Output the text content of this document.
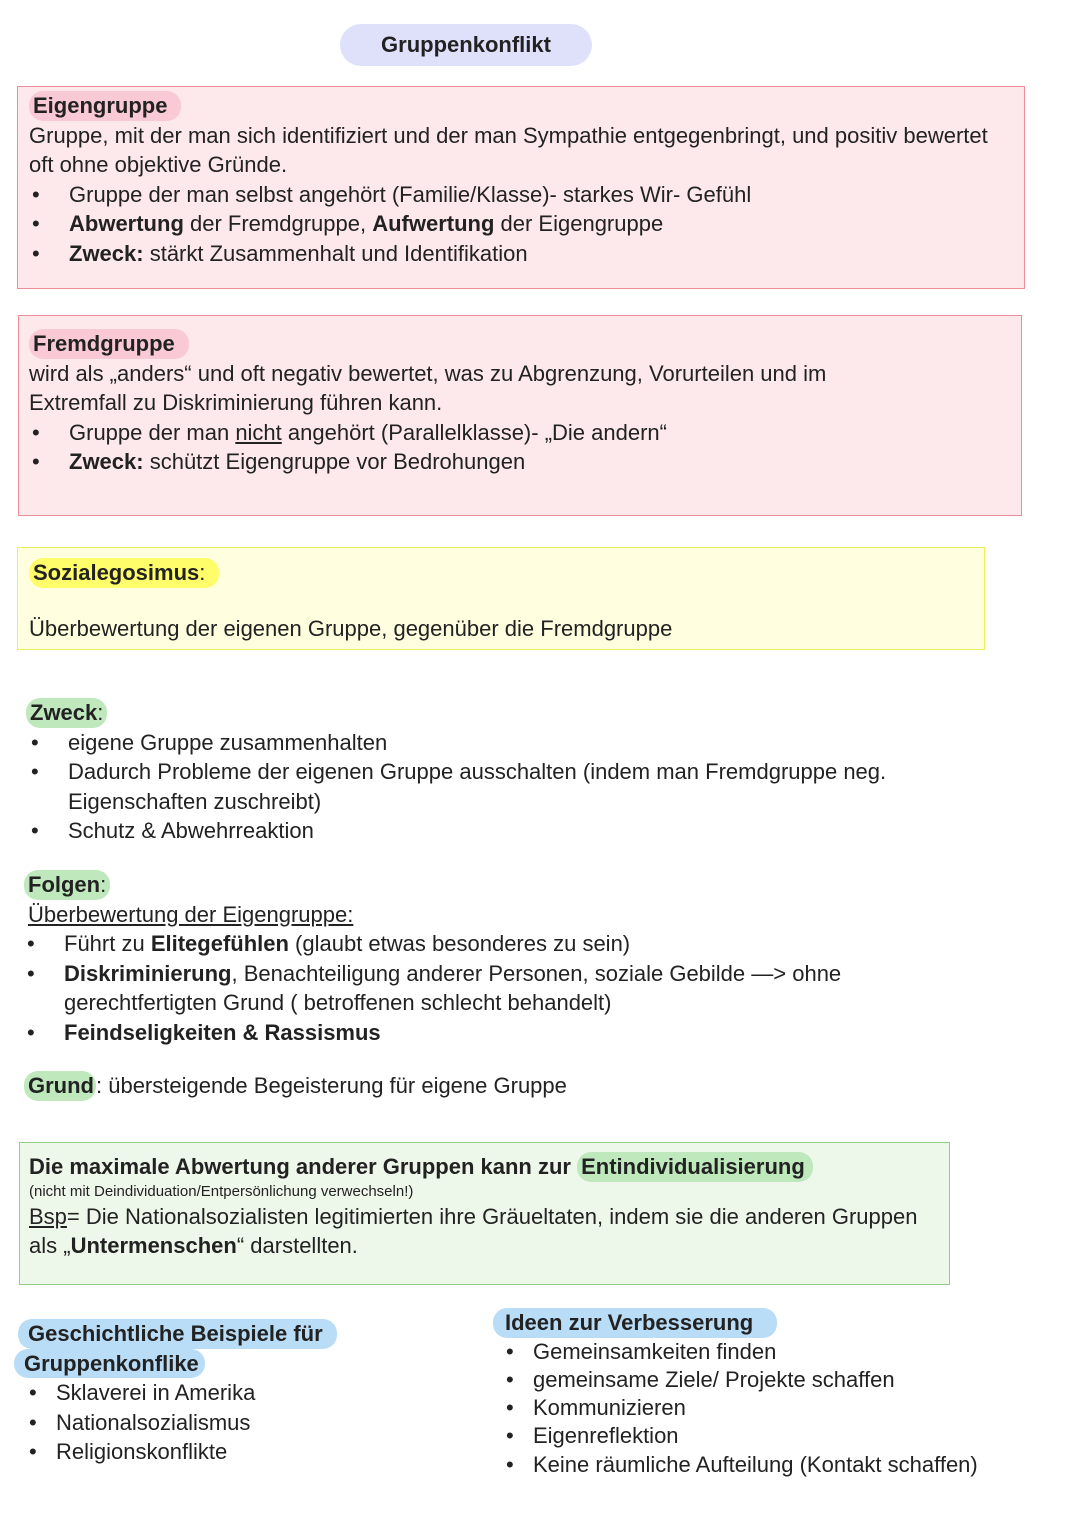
Gruppenkonflikt
Eigengruppe
Gruppe, mit der man sich identifiziert und der man Sympathie entgegenbringt, und positiv bewertet oft ohne objektive Gründe.
• Gruppe der man selbst angehört (Familie/Klasse)- starkes Wir- Gefühl
• Abwertung der Fremdgruppe, Aufwertung der Eigengruppe
• Zweck: stärkt Zusammenhalt und Identifikation
Fremdgruppe
wird als „anders“ und oft negativ bewertet, was zu Abgrenzung, Vorurteilen und im Extremfall zu Diskriminierung führen kann.
• Gruppe der man nicht angehört (Parallelklasse)- „Die andern“
• Zweck: schützt Eigengruppe vor Bedrohungen
Sozialegosimus:
Überbewertung der eigenen Gruppe, gegenüber die Fremdgruppe
Zweck:
• eigene Gruppe zusammenhalten
• Dadurch Probleme der eigenen Gruppe ausschalten (indem man Fremdgruppe neg. Eigenschaften zuschreibt)
• Schutz & Abwehrreaktion
Folgen:
Überbewertung der Eigengruppe:
• Führt zu Elitegefühlen (glaubt etwas besonderes zu sein)
• Diskriminierung, Benachteiligung anderer Personen, soziale Gebilde —> ohne gerechtfertigten Grund ( betroffenen schlecht behandelt)
• Feindseligkeiten & Rassismus
Grund: übersteigende Begeisterung für eigene Gruppe
Die maximale Abwertung anderer Gruppen kann zur Entindividualisierung
(nicht mit Deindividuation/Entpersönlichung verwechseln!)
Bsp= Die Nationalsozialisten legitimierten ihre Gräueltaten, indem sie die anderen Gruppen als „Untermenschen“ darstellten.
Geschichtliche Beispiele für
Gruppenkonflike
• Sklaverei in Amerika
• Nationalsozialismus
• Religionskonflikte
Ideen zur Verbesserung
• Gemeinsamkeiten finden
• gemeinsame Ziele/ Projekte schaffen
• Kommunizieren
• Eigenreflektion
• Keine räumliche Aufteilung (Kontakt schaffen)
